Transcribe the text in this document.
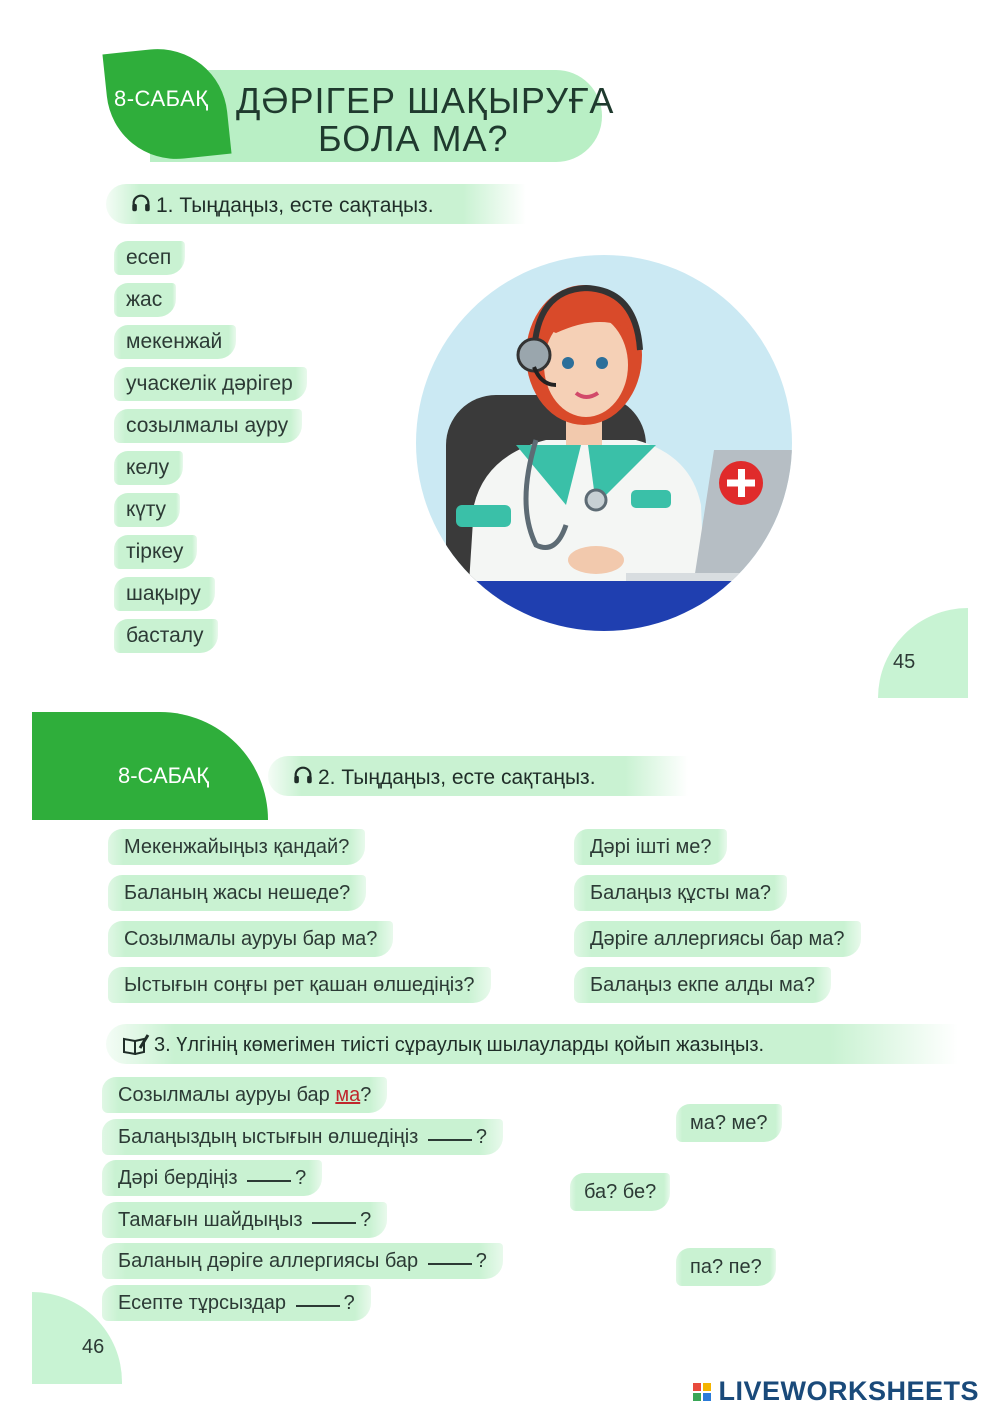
8-САБАҚ ДӘРІГЕР ШАҚЫРУҒА
БОЛА МА?
1. Тыңдаңыз, есте сақтаңыз.
есеп
жас
мекенжай
учаскелік дәрігер
созылмалы ауру
келу
күту
тіркеу
шақыру
басталу
45
8-САБАҚ	2. Тыңдаңыз, есте сақтаңыз.
Мекенжайыңыз қандай?
Баланың жасы нешеде?
Созылмалы ауруы бар ма?
Ыстығын соңғы рет қашан өлшедіңіз?
Дәрі ішті ме?
Балаңыз құсты ма?
Дәріге аллергиясы бар ма?
Балаңыз екпе алды ма?
3. Үлгінің көмегімен тиісті сұраулық шылауларды қойып жазыңыз.
Созылмалы ауруы бар ма?
Балаңыздың ыстығын өлшедіңіз	?
Дәрі бердіңіз	?
Тамағын шайдыңыз	?
Баланың дәріге аллергиясы бар	?
Есепте тұрсыздар	?
ма? ме?
ба? бе?
па? пе?
46
LIVEWORKSHEETS
